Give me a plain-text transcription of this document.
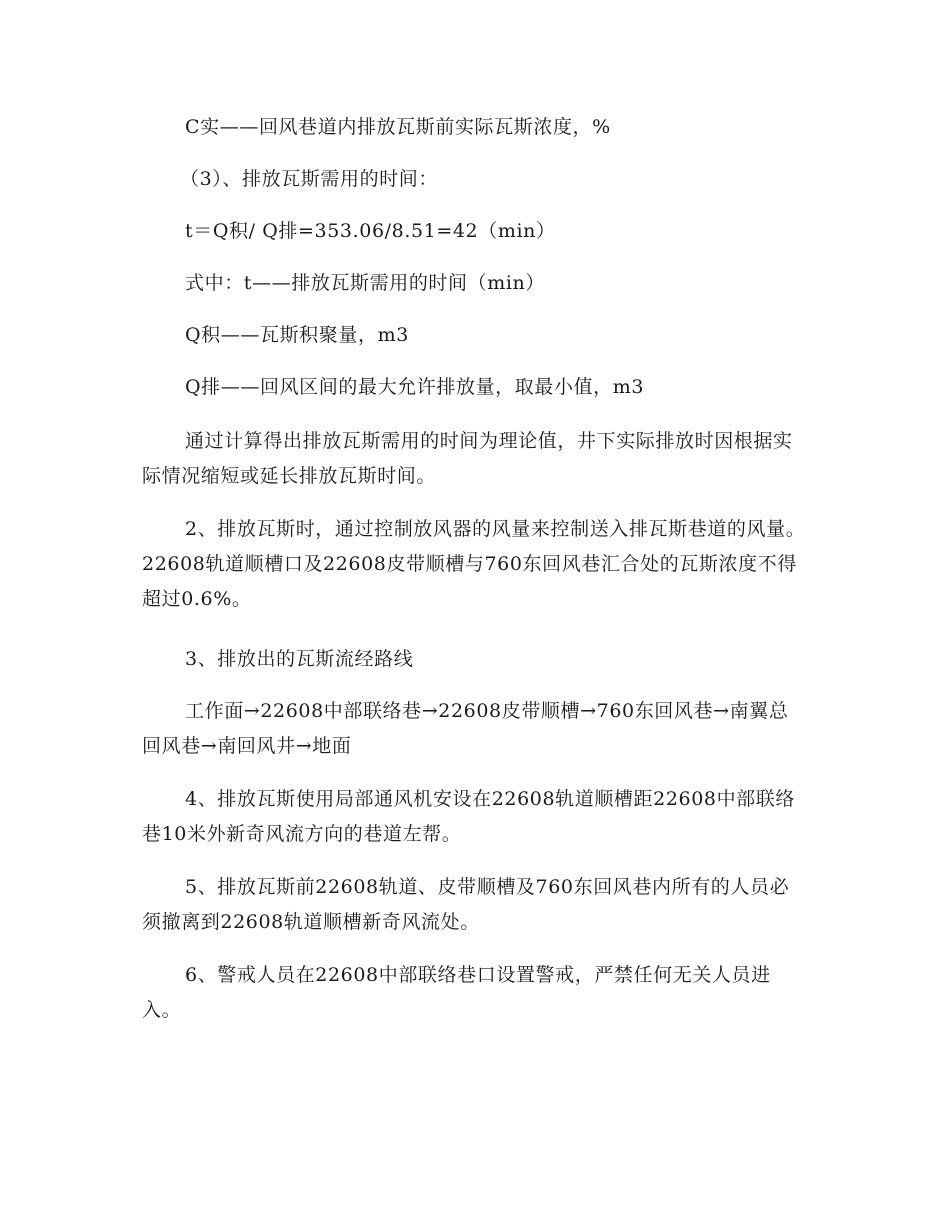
C实——回风巷道内排放瓦斯前实际瓦斯浓度，%
（3）、排放瓦斯需用的时间：
t＝Q积/ Q排=353.06/8.51=42（min）
式中：t——排放瓦斯需用的时间（min）
Q积——瓦斯积聚量，m3
Q排——回风区间的最大允许排放量，取最小值，m3

通过计算得出排放瓦斯需用的时间为理论值，井下实际排放时因根据实际情况缩短或延长排放瓦斯时间。

2、排放瓦斯时，通过控制放风器的风量来控制送入排瓦斯巷道的风量。22608轨道顺槽口及22608皮带顺槽与760东回风巷汇合处的瓦斯浓度不得超过0.6%。

3、排放出的瓦斯流经路线

工作面→22608中部联络巷→22608皮带顺槽→760东回风巷→南翼总回风巷→南回风井→地面

4、排放瓦斯使用局部通风机安设在22608轨道顺槽距22608中部联络巷10米外新奇风流方向的巷道左帮。

5、排放瓦斯前22608轨道、皮带顺槽及760东回风巷内所有的人员必须撤离到22608轨道顺槽新奇风流处。

6、警戒人员在22608中部联络巷口设置警戒，严禁任何无关人员进入。
